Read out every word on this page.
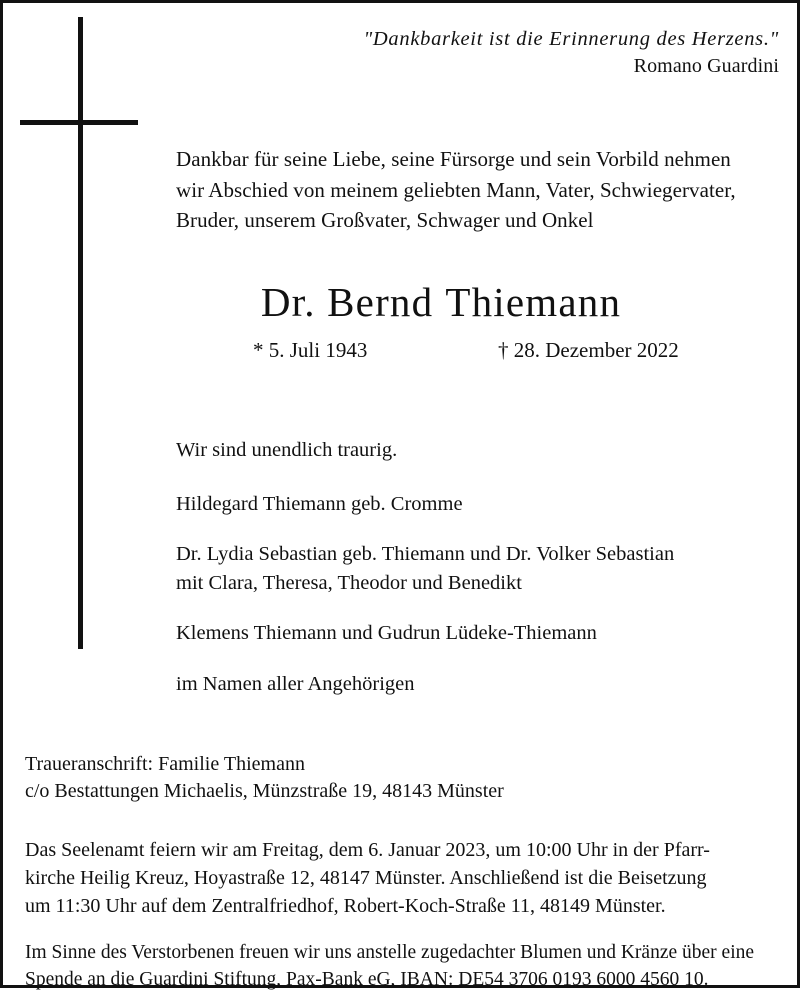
"Dankbarkeit ist die Erinnerung des Herzens."
Romano Guardini
Dankbar für seine Liebe, seine Fürsorge und sein Vorbild nehmen
wir Abschied von meinem geliebten Mann, Vater, Schwiegervater,
Bruder, unserem Großvater, Schwager und Onkel
Dr. Bernd Thiemann
* 5. Juli 1943	† 28. Dezember 2022
Wir sind unendlich traurig.
Hildegard Thiemann geb. Cromme
Dr. Lydia Sebastian geb. Thiemann und Dr. Volker Sebastian
mit Clara, Theresa, Theodor und Benedikt
Klemens Thiemann und Gudrun Lüdeke-Thiemann
im Namen aller Angehörigen
Traueranschrift: Familie Thiemann
c/o Bestattungen Michaelis, Münzstraße 19, 48143 Münster
Das Seelenamt feiern wir am Freitag, dem 6. Januar 2023, um 10:00 Uhr in der Pfarr-
kirche Heilig Kreuz, Hoyastraße 12, 48147 Münster. Anschließend ist die Beisetzung
um 11:30 Uhr auf dem Zentralfriedhof, Robert-Koch-Straße 11, 48149 Münster.
Im Sinne des Verstorbenen freuen wir uns anstelle zugedachter Blumen und Kränze über eine
Spende an die Guardini Stiftung, Pax-Bank eG, IBAN: DE54 3706 0193 6000 4560 10.
